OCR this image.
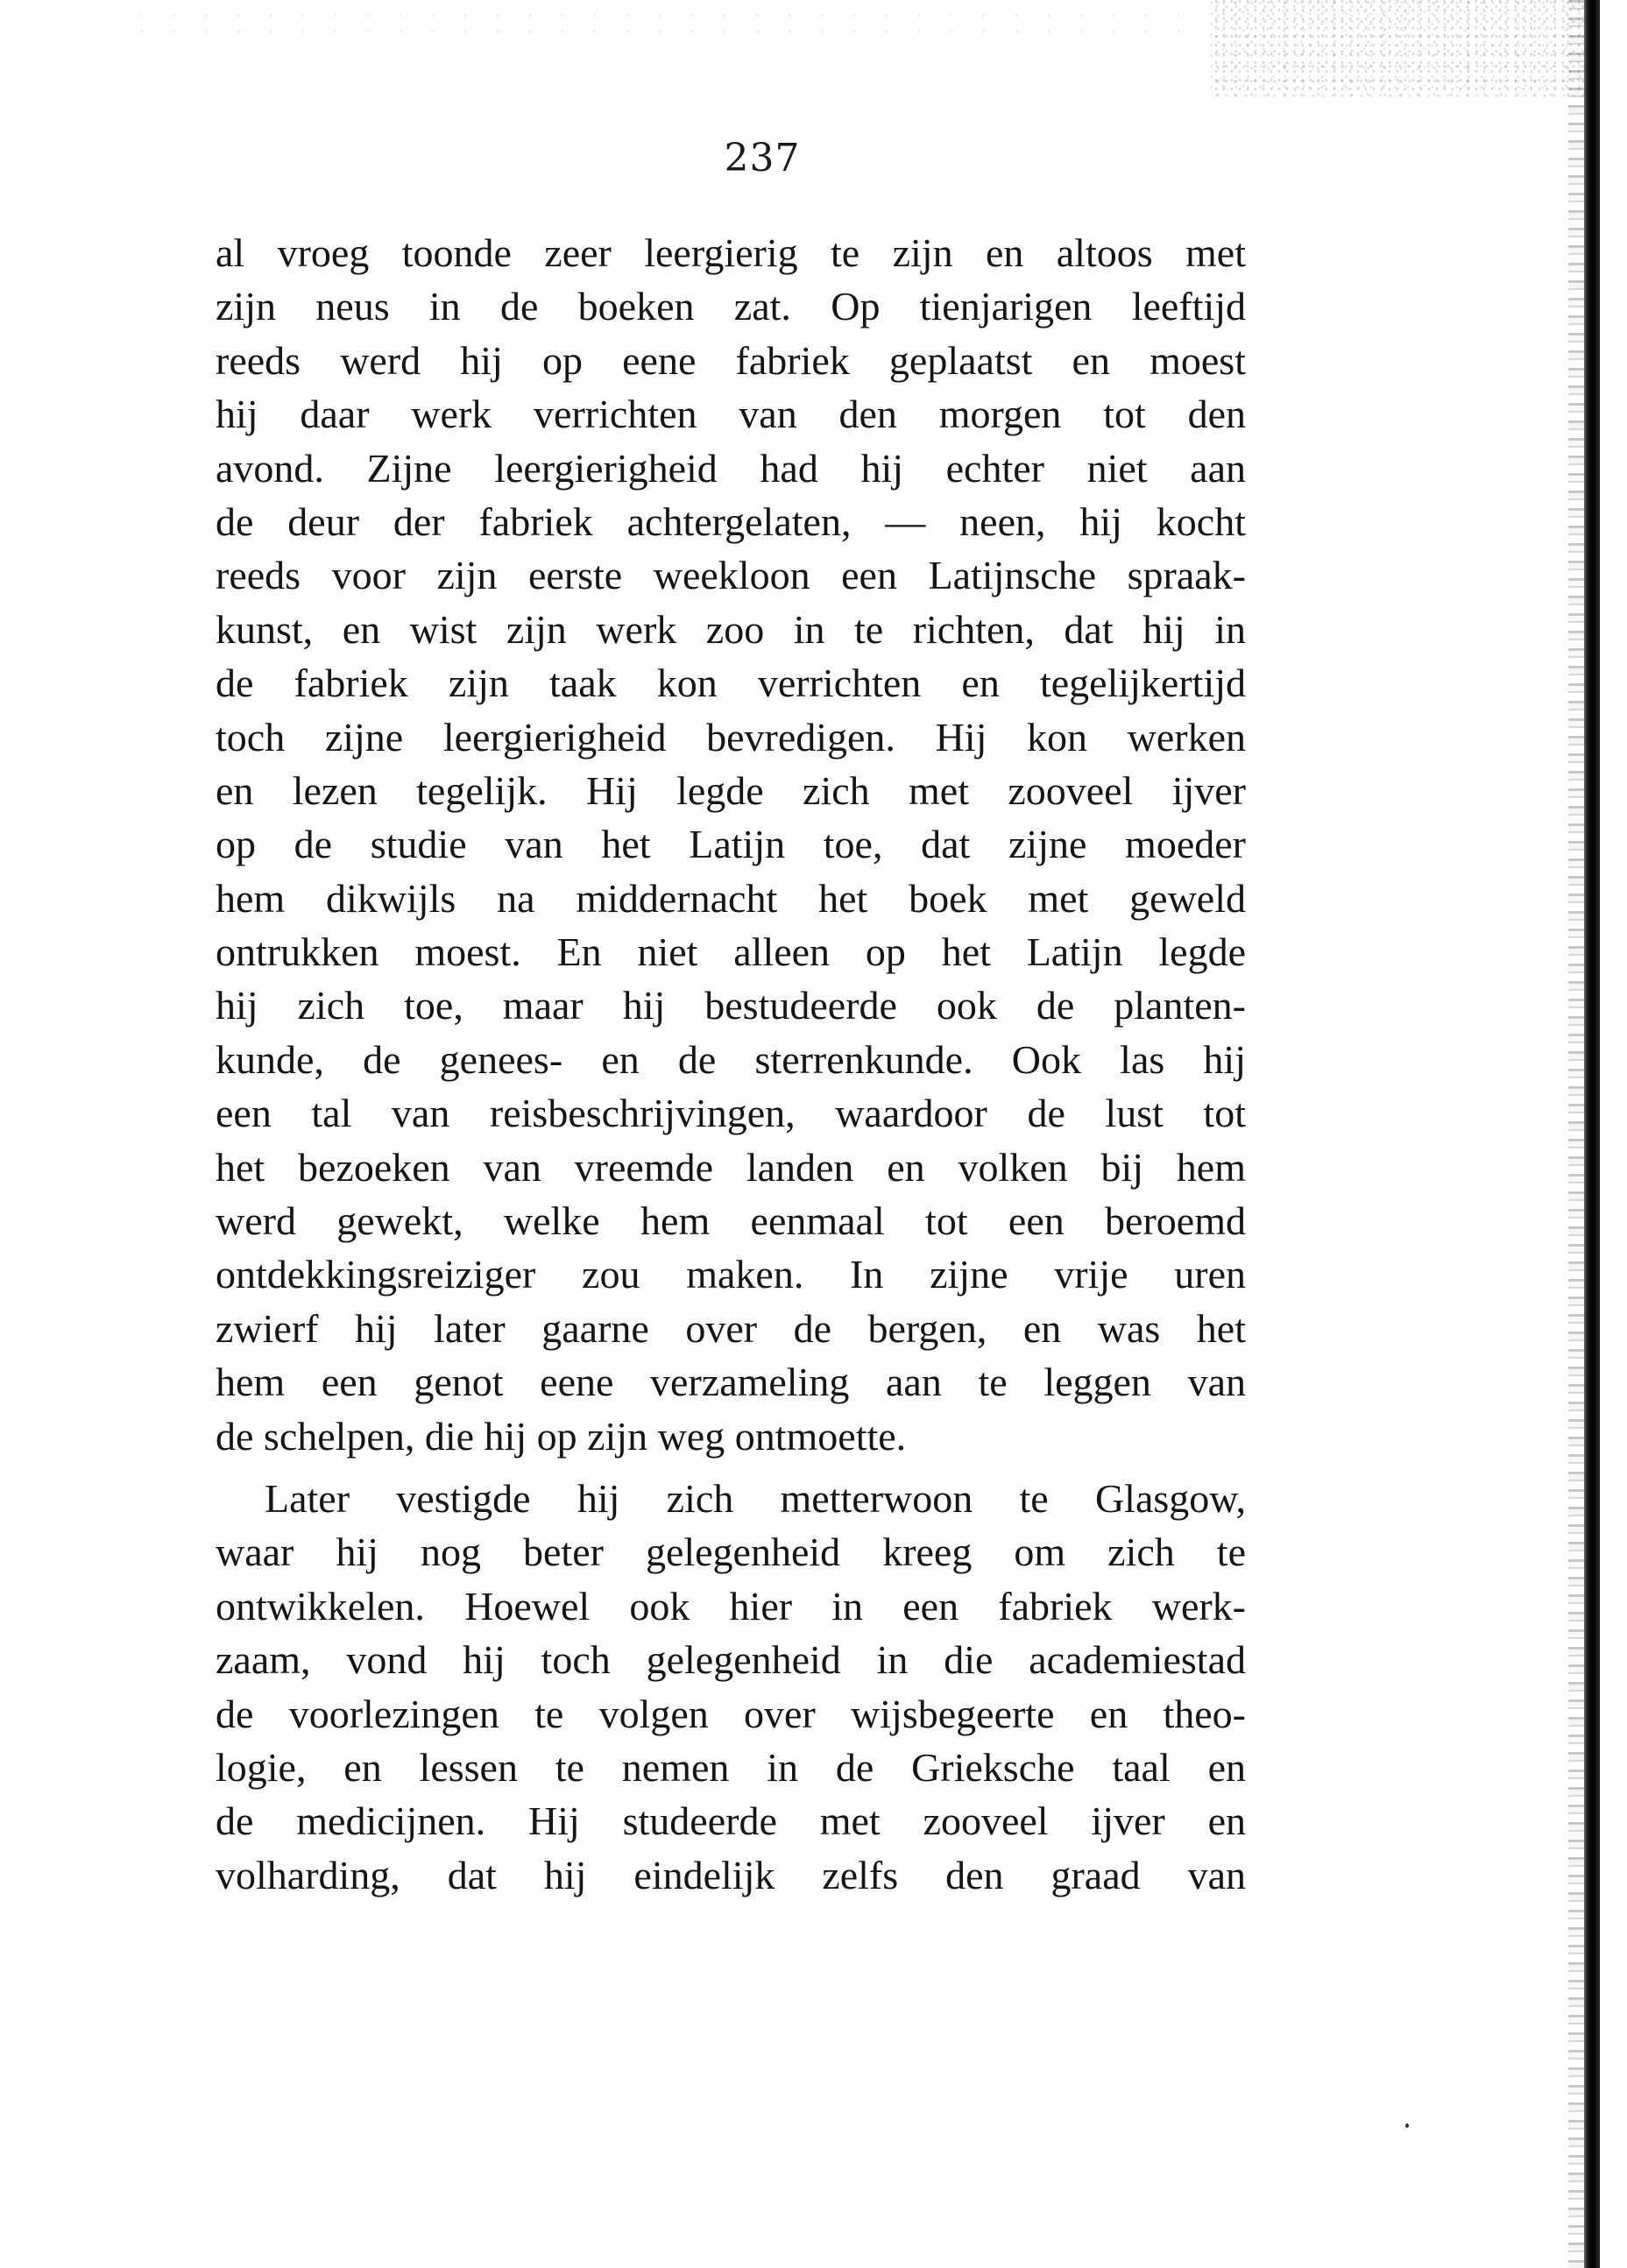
237
al vroeg toonde zeer leergierig te zijn en altoos met
zijn neus in de boeken zat. Op tienjarigen leeftijd
reeds werd hij op eene fabriek geplaatst en moest
hij daar werk verrichten van den morgen tot den
avond. Zijne leergierigheid had hij echter niet aan
de deur der fabriek achtergelaten, — neen, hij kocht
reeds voor zijn eerste weekloon een Latijnsche spraak-
kunst, en wist zijn werk zoo in te richten, dat hij in
de fabriek zijn taak kon verrichten en tegelijkertijd
toch zijne leergierigheid bevredigen. Hij kon werken
en lezen tegelijk. Hij legde zich met zooveel ijver
op de studie van het Latijn toe, dat zijne moeder
hem dikwijls na middernacht het boek met geweld
ontrukken moest. En niet alleen op het Latijn legde
hij zich toe, maar hij bestudeerde ook de planten-
kunde, de genees- en de sterrenkunde. Ook las hij
een tal van reisbeschrijvingen, waardoor de lust tot
het bezoeken van vreemde landen en volken bij hem
werd gewekt, welke hem eenmaal tot een beroemd
ontdekkingsreiziger zou maken. In zijne vrije uren
zwierf hij later gaarne over de bergen, en was het
hem een genot eene verzameling aan te leggen van
de schelpen, die hij op zijn weg ontmoette.
Later vestigde hij zich metterwoon te Glasgow,
waar hij nog beter gelegenheid kreeg om zich te
ontwikkelen. Hoewel ook hier in een fabriek werk-
zaam, vond hij toch gelegenheid in die academiestad
de voorlezingen te volgen over wijsbegeerte en theo-
logie, en lessen te nemen in de Grieksche taal en
de medicijnen. Hij studeerde met zooveel ijver en
volharding, dat hij eindelijk zelfs den graad van
